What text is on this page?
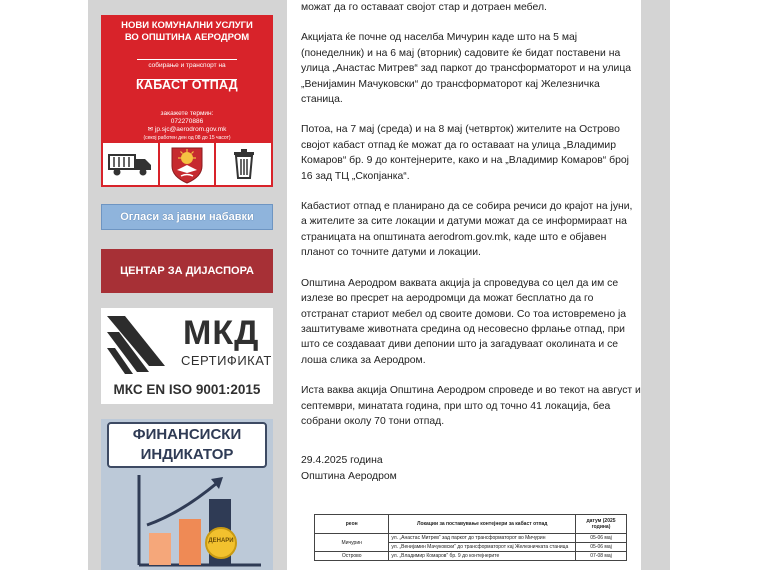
НОВИ КОМУНАЛНИ УСЛУГИ
ВО ОПШТИНА АЕРОДРОМ
собирање и транспорт на
КАБАСТ ОТПАД
закажете термин:
072270886
✉ jp.sjc@aerodrom.gov.mk
(секој работен ден од 08 до 15 часот)
Огласи за јавни набавки
ЦЕНТАР ЗА ДИЈАСПОРА
МКД
СЕРТИФИКАТ
МКС EN ISO 9001:2015
ФИНАНСИСКИ
ИНДИКАТОР
ДЕНАРИ

можат да го оставаат својот стар и дотраен мебел.

Акцијата ќе почне од населба Мичурин каде што на 5 мај (понеделник) и на 6 мај (вторник) садовите ќе бидат поставени на улица „Анастас Митрев“ зад паркот до трансформаторот и на улица „Венијамин Мачуковски“ до трансформаторот кај Железничка станица.

Потоа, на 7 мај (среда) и на 8 мај (четврток) жителите на Острово својот кабаст отпад ќе можат да го оставаат на улица „Владимир Комаров“ бр. 9 до контејнерите, како и на „Владимир Комаров“ број 16 зад ТЦ „Скопјанка“.

Кабастиот отпад е планирано да се собира речиси до крајот на јуни, а жителите за сите локации и датуми можат да се информираат на страницата на општината aerodrom.gov.mk, каде што е објавен планот со точните датуми и локации.

Општина Аеродром ваквата акција ја спроведува со цел да им се излезе во пресрет на аеродромци да можат бесплатно да го отстранат стариот мебел од своите домови. Со тоа истовремено ја заштитуваме животната средина од несовесно фрлање отпад, при што се создаваат диви депонии што ја загадуваат околината и се лоша слика за Аеродром.

Иста ваква акција Општина Аеродром спроведе и во текот на август и септември, минатата година, при што од точно 41 локација, беа собрани околу 70 тони отпад.

29.4.2025 година
Општина Аеродром

реон	Локации за поставување контејнери за кабаст отпад	датум (2025 година)
Мичурин	ул. „Анастас Митрев“ зад паркот до трансформаторот во Мичурин	05-06 мај
	ул. „Венијамин Мачуковски“ до трансформаторот кај Железничката станица	05-06 мај
Острово	ул. „Владимир Комаров“ бр. 9 до контејнерите	07-08 мај
